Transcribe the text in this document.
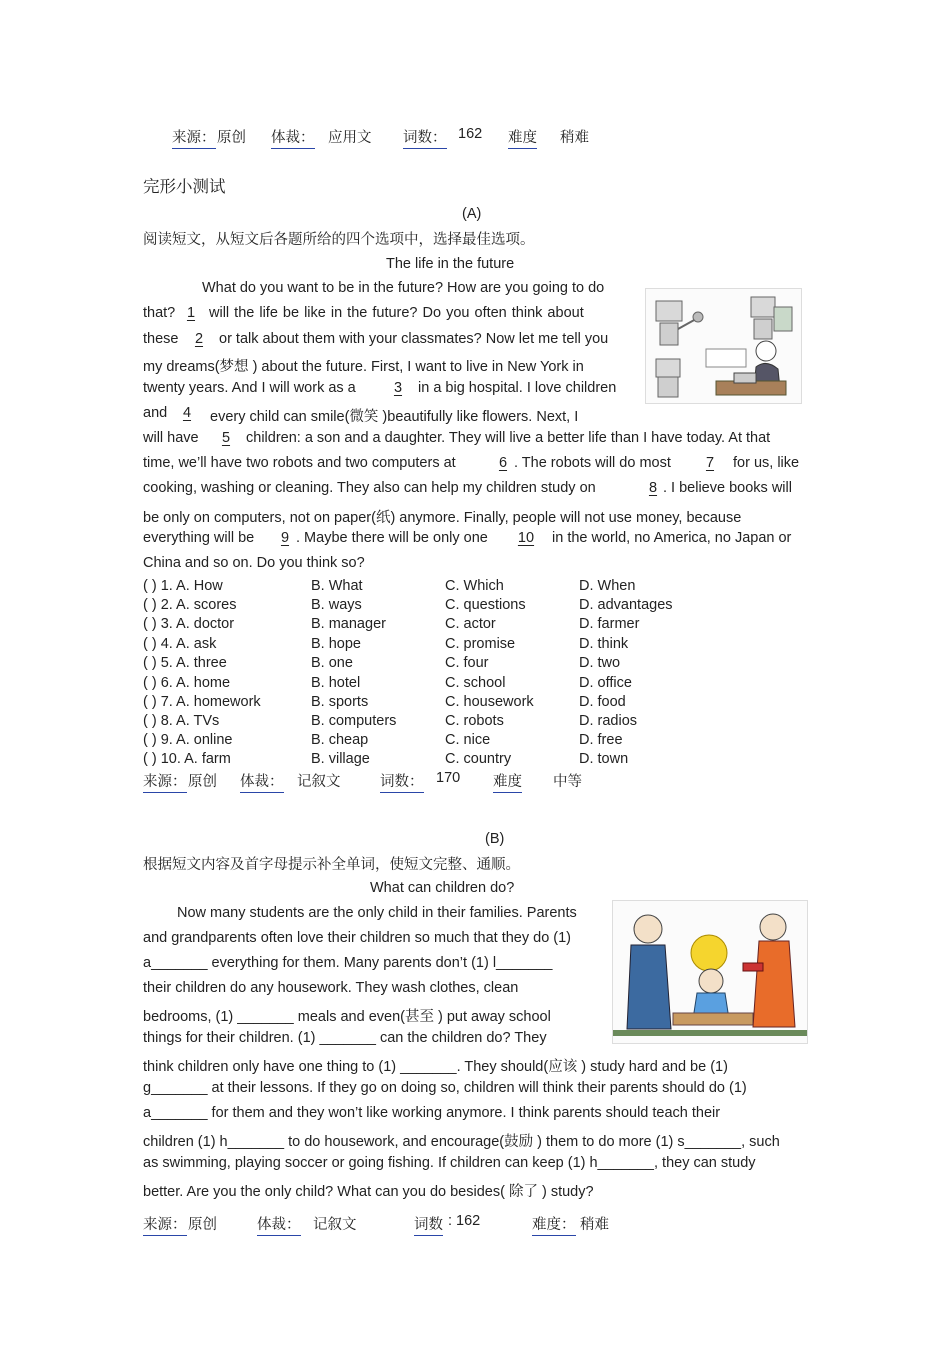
来源： 原创 体裁： 应用文 词数： 162 难度 稍难
完形小测试
(A)
阅读短文，从短文后各题所给的四个选项中，选择最佳选项。
The life in the future
What do you want to be in the future? How are you going to do
that? 1 will the life be like in the future? Do you often think about
these	2	or talk about them with your classmates? Now let me tell you
my dreams(梦想 ) about the future. First, I want to live in New York in
twenty years. And I will work as a	3	in a big hospital. I love children
and	4	every child can smile(微笑 )beautifully like flowers. Next, I
will have	5	children: a son and a daughter. They will live a better life than I have today. At that
time, we’ll have two robots and two computers at	6 . The robots will do most	7	for us, like
cooking, washing or cleaning. They also can help my children study on	8 . I believe books will
be only on computers, not on paper(纸) anymore. Finally, people will not use money, because
everything will be	9 . Maybe there will be only one	10	in the world, no America, no Japan or
China and so on. Do you think so?
( ) 1. A. How	B. What	C. Which	D. When
( ) 2. A. scores	B. ways	C. questions	D. advantages
( ) 3. A. doctor	B. manager	C. actor	D. farmer
( ) 4. A. ask	B. hope	C. promise	D. think
( ) 5. A. three	B. one	C. four	D. two
( ) 6. A. home	B. hotel	C. school	D. office
( ) 7. A. homework	B. sports	C. housework	D. food
( ) 8. A. TVs	B. computers	C. robots	D. radios
( ) 9. A. online	B. cheap	C. nice	D. free
( ) 10. A. farm	B. village	C. country	D. town
来源： 原创 体裁： 记叙文	词数： 170 难度 中等
(B)
根据短文内容及首字母提示补全单词，使短文完整、通顺。
What can children do?
Now many students are the only child in their families. Parents
and grandparents often love their children so much that they do (1)
a_______ everything for them. Many parents don’t (1) l_______
their children do any housework. They wash clothes, clean
bedrooms, (1) _______ meals and even(甚至 ) put away school
things for their children. (1) _______ can the children do? They
think children only have one thing to (1) _______. They should(应该 ) study hard and be (1)
g_______ at their lessons. If they go on doing so, children will think their parents should do (1)
a_______ for them and they won’t like working anymore. I think parents should teach their
children (1) h_______ to do housework, and encourage(鼓励 ) them to do more (1) s_______, such
as swimming, playing soccer or going fishing. If children can keep (1) h_______, they can study
better. Are you the only child? What can you do besides( 除了 ) study?
来源： 原创	体裁： 记叙文	词数 : 162	难度： 稍难
